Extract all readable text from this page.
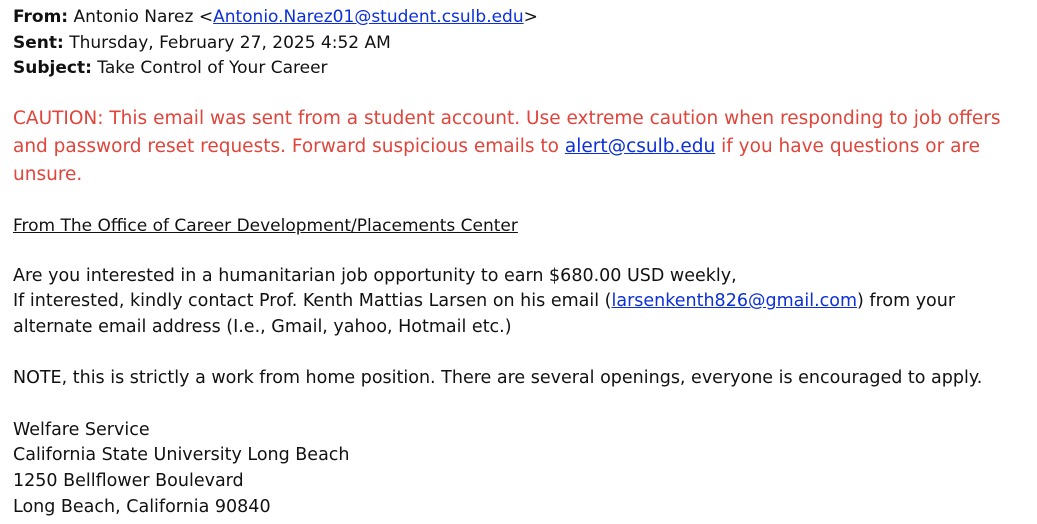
From: Antonio Narez <Antonio.Narez01@student.csulb.edu>
Sent: Thursday, February 27, 2025 4:52 AM
Subject: Take Control of Your Career
CAUTION: This email was sent from a student account. Use extreme caution when responding to job offers and password reset requests. Forward suspicious emails to alert@csulb.edu if you have questions or are unsure.
From The Office of Career Development/Placements Center
Are you interested in a humanitarian job opportunity to earn $680.00 USD weekly,
If interested, kindly contact Prof. Kenth Mattias Larsen on his email (larsenkenth826@gmail.com) from your alternate email address (I.e., Gmail, yahoo, Hotmail etc.)
NOTE, this is strictly a work from home position. There are several openings, everyone is encouraged to apply.
Welfare Service
California State University Long Beach
1250 Bellflower Boulevard
Long Beach, California 90840
